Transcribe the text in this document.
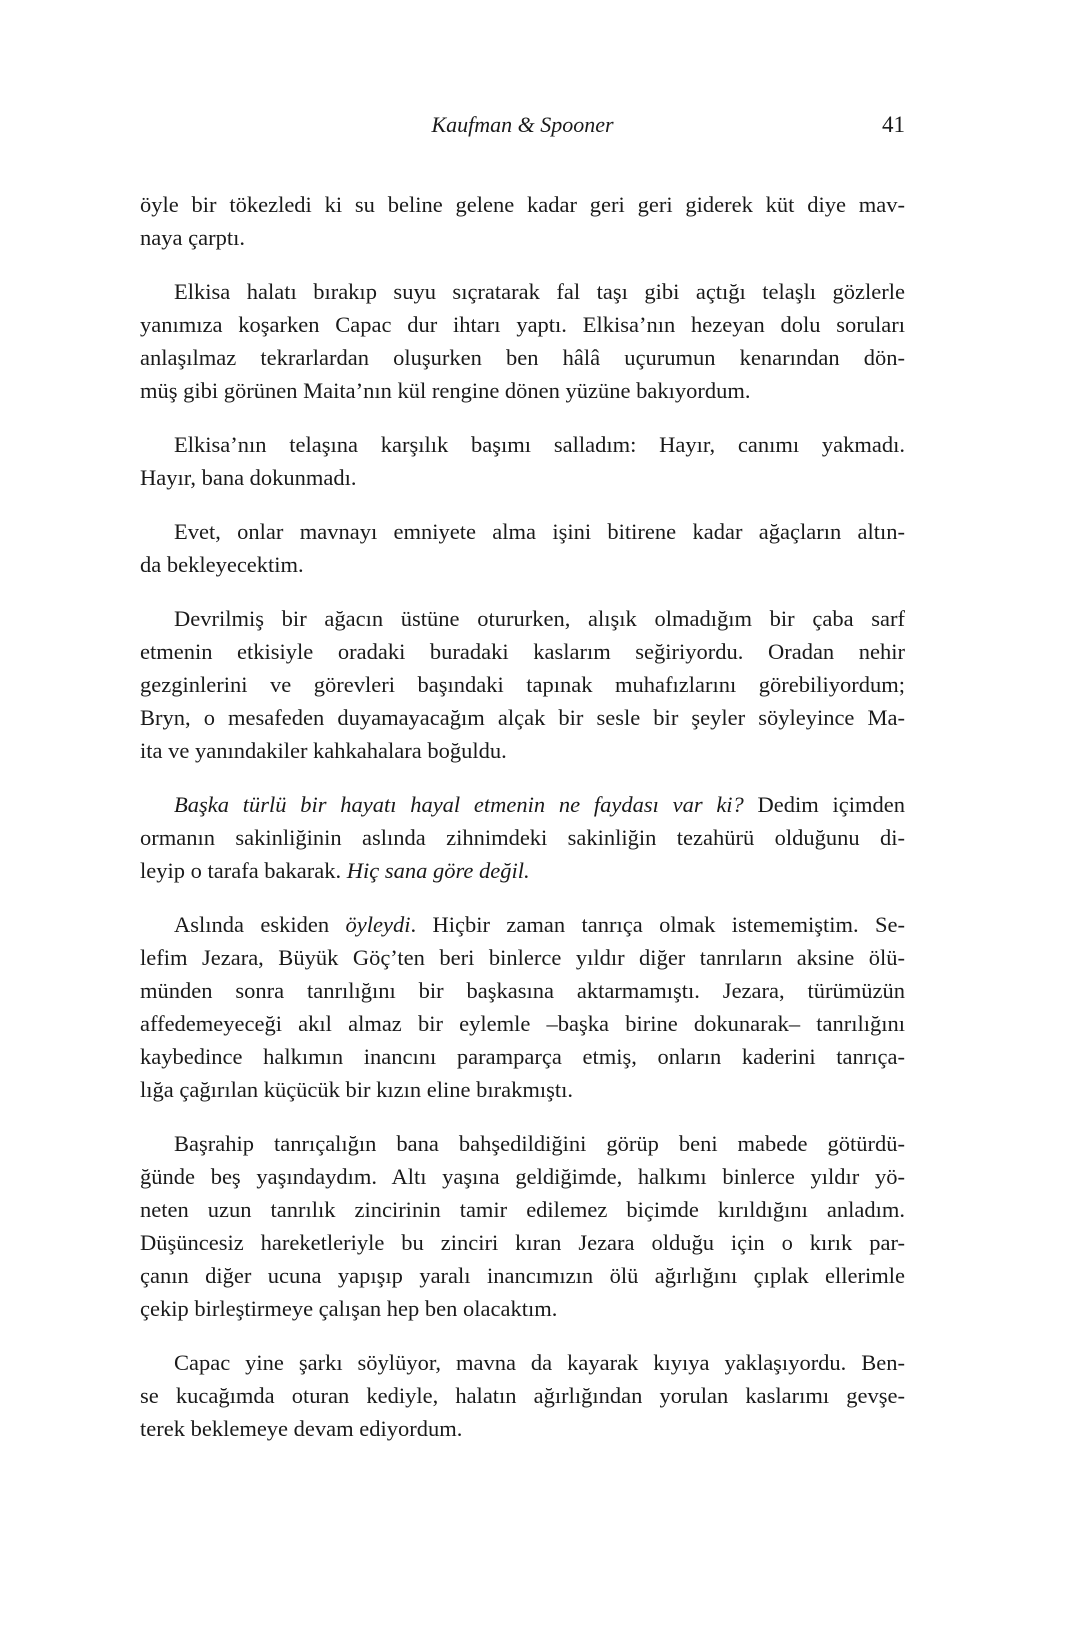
Kaufman & Spooner	41
öyle bir tökezledi ki su beline gelene kadar geri geri giderek küt diye mav-
naya çarptı.
Elkisa halatı bırakıp suyu sıçratarak fal taşı gibi açtığı telaşlı gözlerle
yanımıza koşarken Capac dur ihtarı yaptı. Elkisa’nın hezeyan dolu soruları
anlaşılmaz tekrarlardan oluşurken ben hâlâ uçurumun kenarından dön-
müş gibi görünen Maita’nın kül rengine dönen yüzüne bakıyordum.
Elkisa’nın telaşına karşılık başımı salladım: Hayır, canımı yakmadı.
Hayır, bana dokunmadı.
Evet, onlar mavnayı emniyete alma işini bitirene kadar ağaçların altın-
da bekleyecektim.
Devrilmiş bir ağacın üstüne otururken, alışık olmadığım bir çaba sarf
etmenin etkisiyle oradaki buradaki kaslarım seğiriyordu. Oradan nehir
gezginlerini ve görevleri başındaki tapınak muhafızlarını görebiliyordum;
Bryn, o mesafeden duyamayacağım alçak bir sesle bir şeyler söyleyince Ma-
ita ve yanındakiler kahkahalara boğuldu.
Başka türlü bir hayatı hayal etmenin ne faydası var ki? Dedim içimden
ormanın sakinliğinin aslında zihnimdeki sakinliğin tezahürü olduğunu di-
leyip o tarafa bakarak. Hiç sana göre değil.
Aslında eskiden öyleydi. Hiçbir zaman tanrıça olmak istememiştim. Se-
lefim Jezara, Büyük Göç’ten beri binlerce yıldır diğer tanrıların aksine ölü-
münden sonra tanrılığını bir başkasına aktarmamıştı. Jezara, türümüzün
affedemeyeceği akıl almaz bir eylemle –başka birine dokunarak– tanrılığını
kaybedince halkımın inancını paramparça etmiş, onların kaderini tanrıça-
lığa çağırılan küçücük bir kızın eline bırakmıştı.
Başrahip tanrıçalığın bana bahşedildiğini görüp beni mabede götürdü-
ğünde beş yaşındaydım. Altı yaşına geldiğimde, halkımı binlerce yıldır yö-
neten uzun tanrılık zincirinin tamir edilemez biçimde kırıldığını anladım.
Düşüncesiz hareketleriyle bu zinciri kıran Jezara olduğu için o kırık par-
çanın diğer ucuna yapışıp yaralı inancımızın ölü ağırlığını çıplak ellerimle
çekip birleştirmeye çalışan hep ben olacaktım.
Capac yine şarkı söylüyor, mavna da kayarak kıyıya yaklaşıyordu. Ben-
se kucağımda oturan kediyle, halatın ağırlığından yorulan kaslarımı gevşe-
terek beklemeye devam ediyordum.
